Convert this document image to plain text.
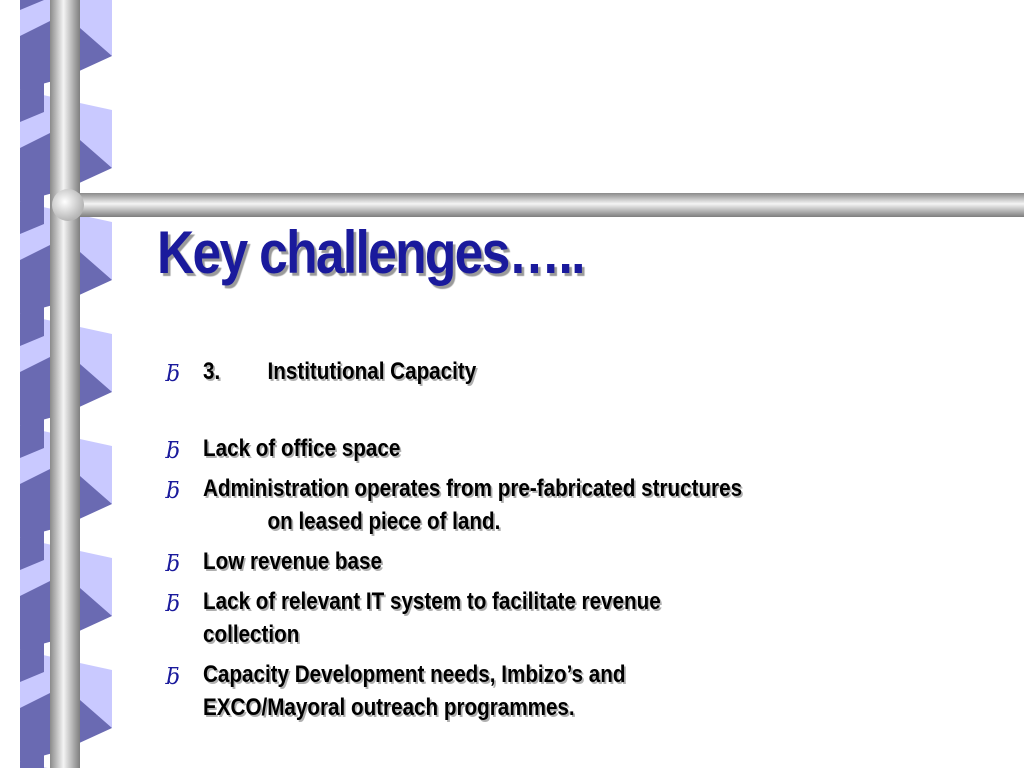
Key challenges…..
ƃ 3. Institutional Capacity
ƃ Lack of office space
ƃ Administration operates from pre-fabricated structures
on leased piece of land.
ƃ Low revenue base
ƃ Lack of relevant IT system to facilitate revenue
collection
ƃ Capacity Development needs, Imbizo’s and
EXCO/Mayoral outreach programmes.
